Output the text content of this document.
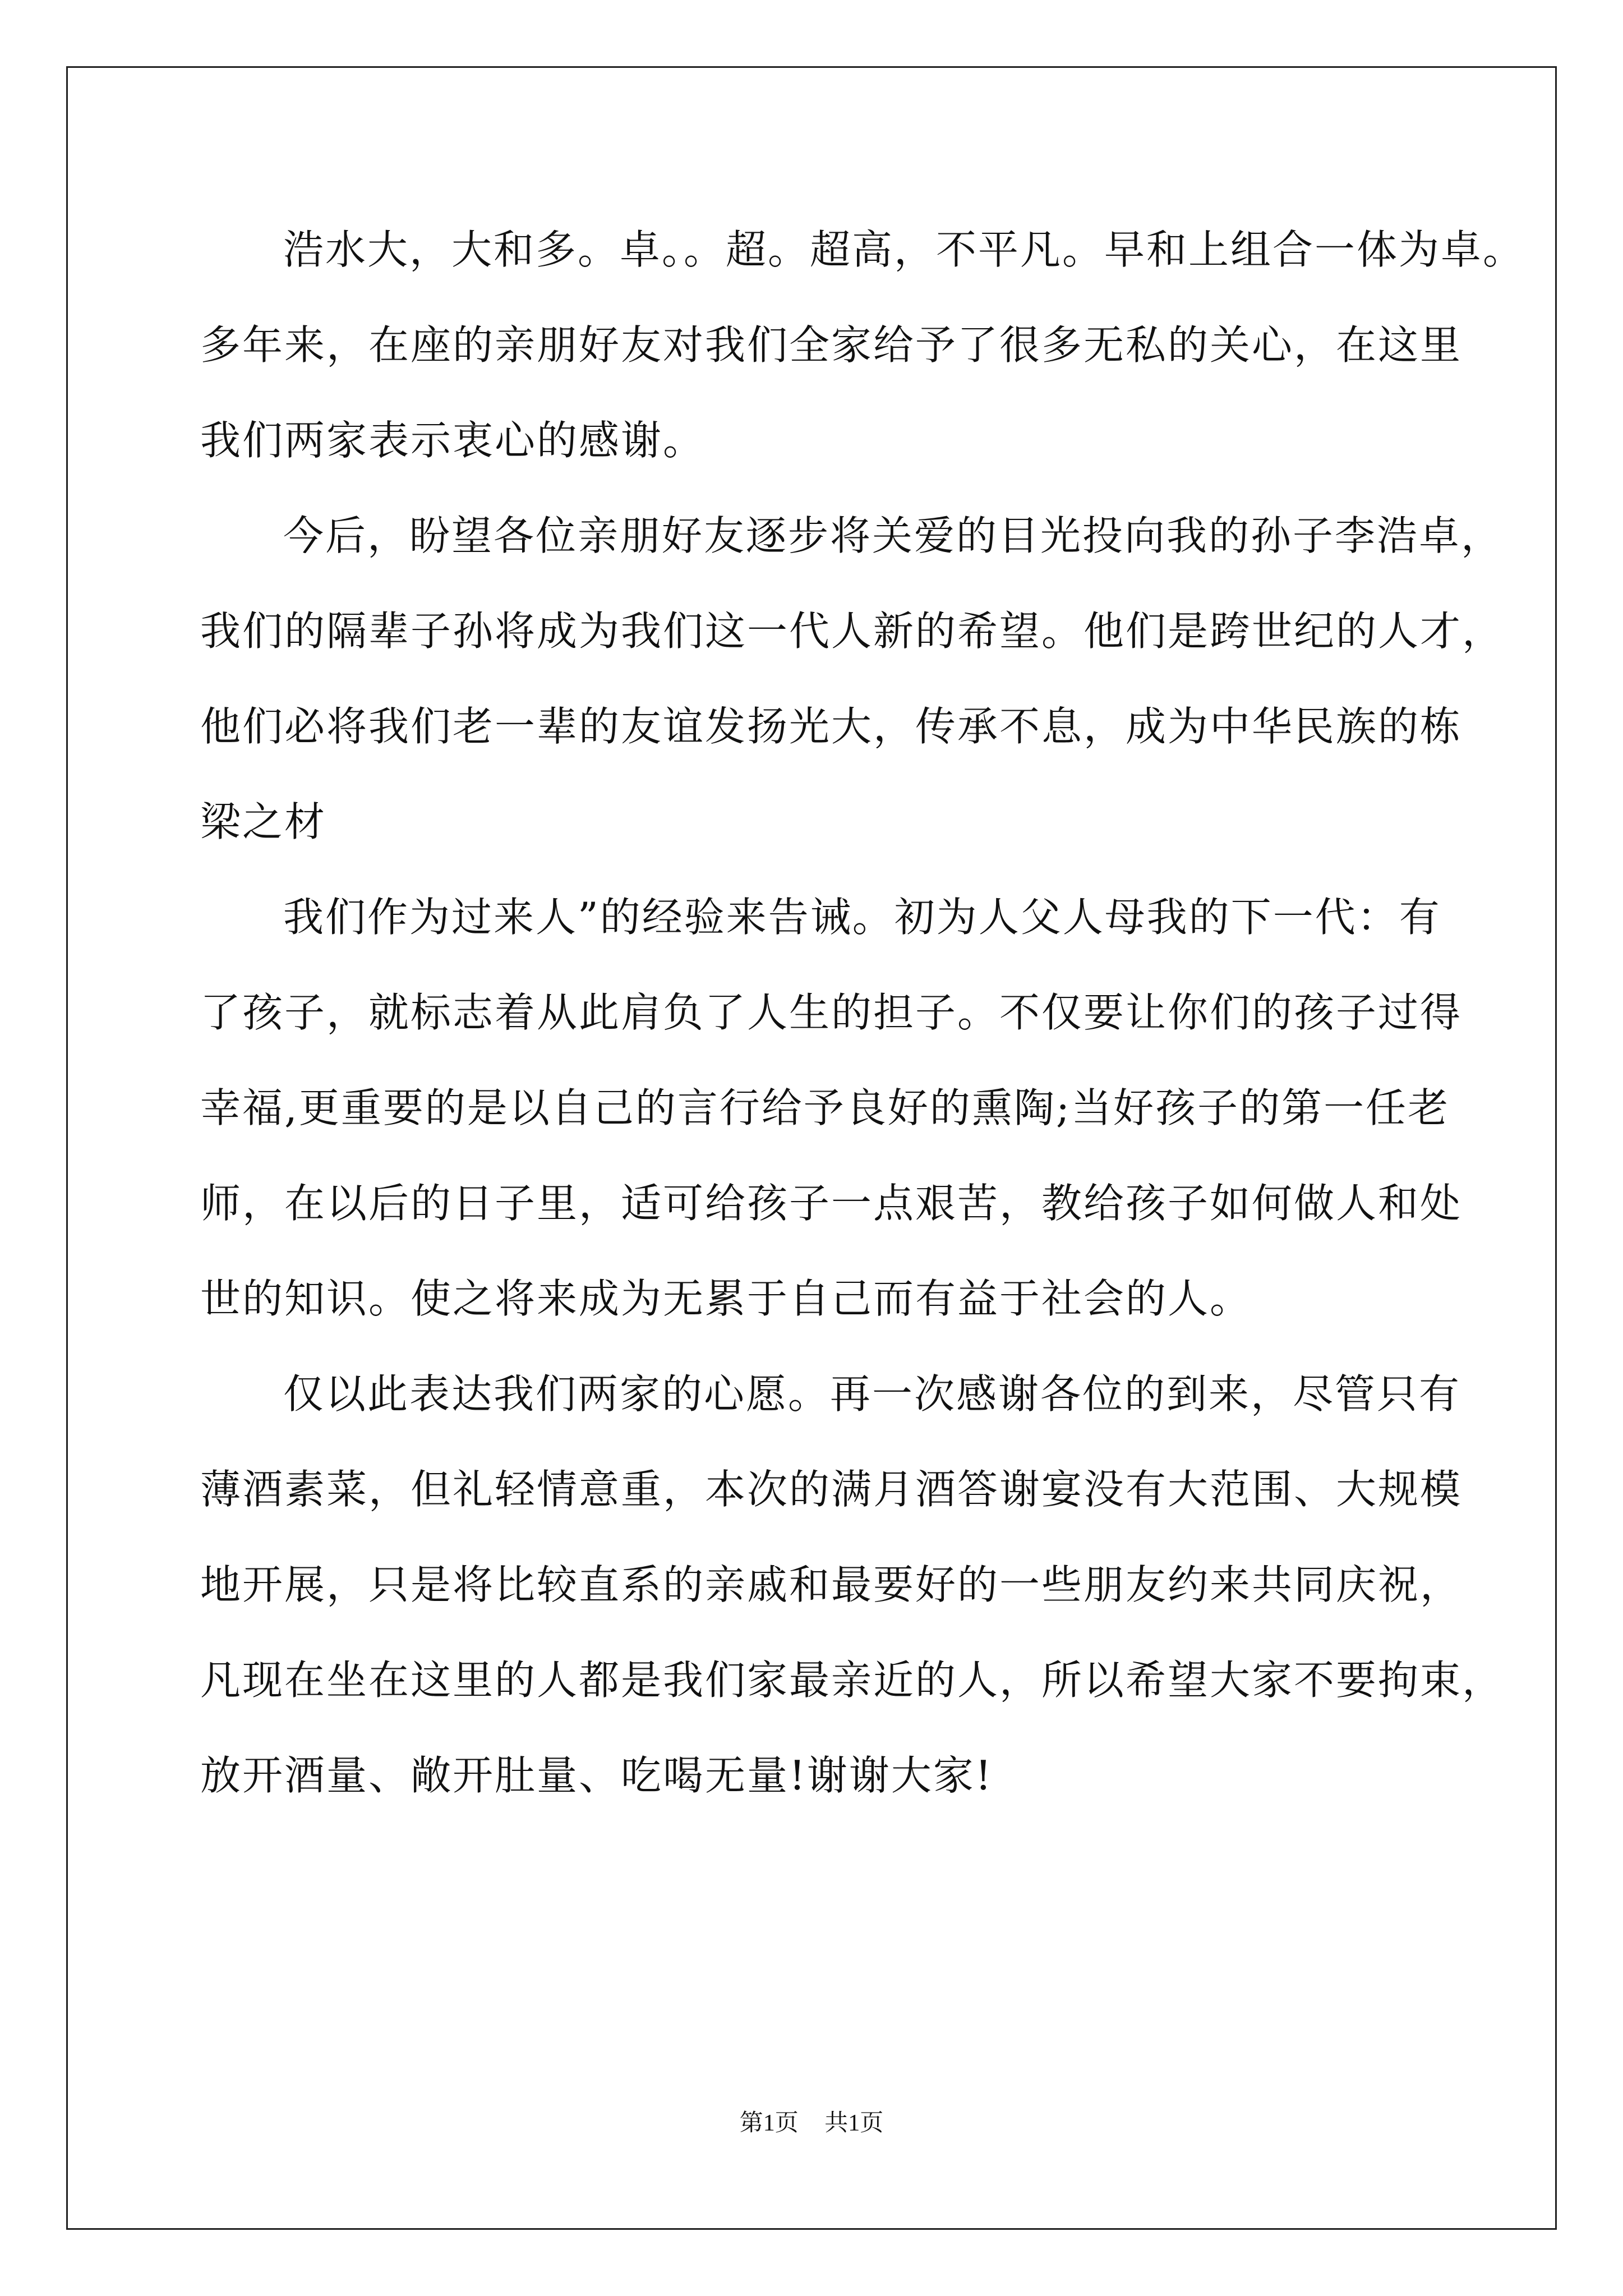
浩水大，大和多。卓。。超。超高，不平凡。早和上组合一体为卓。
多年来，在座的亲朋好友对我们全家给予了很多无私的关心，在这里
我们两家表示衷心的感谢。
今后，盼望各位亲朋好友逐步将关爱的目光投向我的孙子李浩卓，
我们的隔辈子孙将成为我们这一代人新的希望。他们是跨世纪的人才，
他们必将我们老一辈的友谊发扬光大，传承不息，成为中华民族的栋
梁之材
我们作为过来人”的经验来告诫。初为人父人母我的下一代：有
了孩子，就标志着从此肩负了人生的担子。不仅要让你们的孩子过得
幸福,更重要的是以自己的言行给予良好的熏陶;当好孩子的第一任老
师，在以后的日子里，适可给孩子一点艰苦，教给孩子如何做人和处
世的知识。使之将来成为无累于自己而有益于社会的人。
仅以此表达我们两家的心愿。再一次感谢各位的到来，尽管只有
薄酒素菜，但礼轻情意重，本次的满月酒答谢宴没有大范围、大规模
地开展，只是将比较直系的亲戚和最要好的一些朋友约来共同庆祝，
凡现在坐在这里的人都是我们家最亲近的人，所以希望大家不要拘束，
放开酒量、敞开肚量、吃喝无量!谢谢大家!
第1页 共1页
